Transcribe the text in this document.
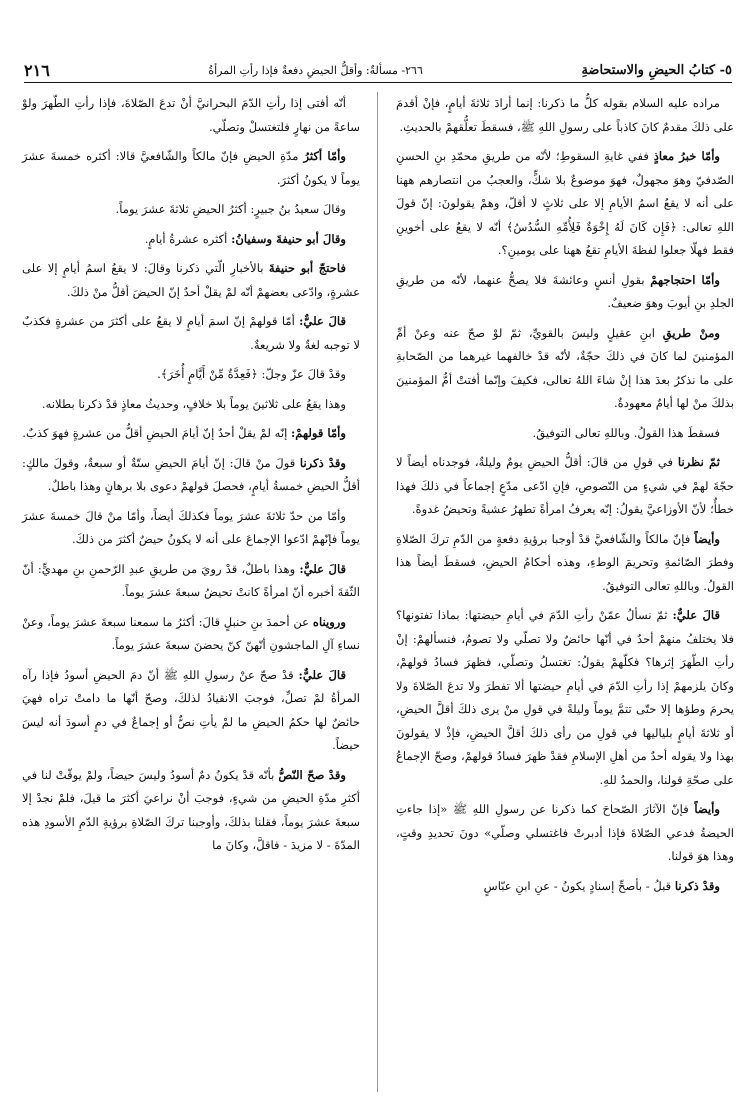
٥- كتابُ الحيضِ والاستحاضةِ
٢٦٦- مسألةٌ: وأقلُّ الحيضِ دفعةٌ فإذا رأتِ المرأةُ
٢١٦

مراده عليه السلام بقوله كلُّ ما ذكرنا: إنما أرادَ ثلاثةَ أيامٍ، فإنْ أقدمَ على ذلكَ مقدمٌ كانَ كاذباً على رسولِ اللهِ ﷺ، فسقطَ تعلُّقهمْ بالحديثِ.

وأمّا خبرُ معاذٍ ففي غايةِ السقوطِ؛ لأنّه من طريقِ محمّدِ بنِ الحسنِ الصّدفيّ وهوَ مجهولٌ، فهوَ موضوعٌ بلا شكٍّ، والعجبُ من انتصارهم ههنا على أنه لا يقعُ اسمُ الأيامِ إلا على ثلاثٍ لا أقلّ، وهمْ يقولونَ: إنّ قولَ اللهِ تعالى: ﴿فَإِن كَانَ لَهُ إِخْوَةٌ فَلِأُمِّهِ السُّدُسُ﴾ أنّه لا يقعُ على أخوينِ فقط فهلّا جعلوا لفظةَ الأيامِ تقعُ ههنا على يومينِ؟.

وأمّا احتجاجهمْ بقولِ أنسٍ وعائشةَ فلا يصحُّ عنهما، لأنّه من طريقِ الجلدِ بنِ أيوبَ وهوَ ضعيفٌ.

ومنْ طريقِ ابنِ عقيلٍ وليسَ بالقويِّ، ثمّ لوْ صحّ عنه وعنْ أمِّ المؤمنينَ لما كانَ في ذلكَ حجّةٌ، لأنّه قدْ خالفهما غيرهما من الصّحابةِ على ما نذكرُ بعدَ هذا إنْ شاءَ اللهُ تعالى، فكيفَ وإنّما أفتتْ أمُّ المؤمنينَ بذلكَ منْ لها أيامٌ معهودةٌ.

فسقطَ هذا القولُ. وباللهِ تعالى التوفيقُ.

ثمّ نظرنا في قولِ من قالَ: أقلُّ الحيضِ يومٌ وليلةٌ، فوجدناه أيضاً لا حجّةَ لهمْ في شيءٍ من النّصوصِ، فإنِ ادّعى مدّعٍ إجماعاً في ذلكَ فهذا خطأٌ؛ لأنّ الأوزاعيَّ يقولُ: إنّه يعرفُ امرأةً تطهرُ عشيةً وتحيضُ غدوةً.

وأيضاً فإنّ مالكاً والشّافعيَّ قدْ أوجبا برؤيةِ دفعةٍ من الدّمِ تركَ الصّلاةِ وفطرَ الصّائمةِ وتحريمَ الوطءِ، وهذه أحكامُ الحيضِ، فسقطَ أيضاً هذا القولُ. وباللهِ تعالى التوفيقُ.

قالَ عليٌّ: ثمّ نسألُ عمّنْ رأتِ الدّمَ في أيامِ حيضتها: بماذا تفتونها؟ فلا يختلفُ منهمْ أحدٌ في أنّها حائضٌ ولا تصلّي ولا تصومُ، فنسألهمْ: إنْ رأتِ الطّهرَ إثرها؟ فكلّهمْ يقولُ: تغتسلُ وتصلّي، فظهرَ فسادُ قولهمْ، وكانَ يلزمهمْ إذا رأتِ الدّمَ في أيامِ حيضتها ألا تفطرَ ولا تدعَ الصّلاةَ ولا يحرمَ وطؤها إلا حتّى تتمَّ يوماً وليلةً في قولِ منْ يرى ذلكَ أقلَّ الحيضِ، أو ثلاثةَ أيامٍ بلياليها في قولِ من رأى ذلكَ أقلَّ الحيضِ، فإذْ لا يقولونَ بهذا ولا يقوله أحدٌ من أهلِ الإسلامِ فقدْ ظهرَ فسادُ قولهمْ، وصحّ الإجماعُ على صحّةِ قولنا، والحمدُ للهِ.

وأيضاً فإنّ الآثارَ الصّحاحَ كما ذكرنا عن رسولِ اللهِ ﷺ «إذا جاءتِ الحيضةُ فدعي الصّلاةَ فإذا أدبرتْ فاغتسلي وصلّي» دونَ تحديدِ وقتٍ، وهذا هوَ قولنا.

وقدْ ذكرنا قبلُ - بأصحِّ إسنادٍ يكونُ - عنِ ابنِ عبّاسٍ

أنّه أفتى إذا رأتِ الدّمَ البحرانيَّ أنْ تدعَ الصّلاةَ، فإذا رأتِ الطّهرَ ولوْ ساعةً من نهارٍ فلتغتسلْ وتصلّي.

وأمّا أكثرُ مدّةِ الحيضِ فإنّ مالكاً والشّافعيَّ قالا: أكثره خمسةَ عشرَ يوماً لا يكونُ أكثرَ.

وقالَ سعيدُ بنُ جبيرٍ: أكثرُ الحيضِ ثلاثةَ عشرَ يوماً.

وقالَ أبو حنيفةَ وسفيانُ: أكثره عشرةُ أيامٍ.

فاحتجّ أبو حنيفةَ بالأخبارِ الّتي ذكرنا وقالَ: لا يقعُ اسمُ أيامٍ إلا على عشرةٍ، وادّعى بعضهمْ أنّه لمْ يقلْ أحدٌ إنّ الحيضَ أقلُّ منْ ذلكَ.

قالَ عليٌّ: أمّا قولهمْ إنّ اسمَ أيامٍ لا يقعُ على أكثرَ من عشرةٍ فكذبٌ لا توجبه لغةٌ ولا شريعةٌ.

وقدْ قالَ عزّ وجلّ: ﴿فَعِدَّةٌ مِّنْ أَيَّامٍ أُخَرَ﴾.

وهذا يقعُ على ثلاثينَ يوماً بلا خلافٍ، وحديثُ معاذٍ قدْ ذكرنا بطلانه.

وأمّا قولهمْ: إنّه لمْ يقلْ أحدٌ إنّ أيامَ الحيضِ أقلُّ من عشرةٍ فهوَ كذبٌ.

وقدْ ذكرنا قولَ منْ قالَ: إنّ أيامَ الحيضِ ستّةٌ أو سبعةٌ، وقولَ مالكٍ: أقلُّ الحيضِ خمسةُ أيامٍ، فحصلَ قولهمْ دعوى بلا برهانٍ وهذا باطلٌ.

وأمّا من حدّ ثلاثةَ عشرَ يوماً فكذلكَ أيضاً، وأمّا منْ قالَ خمسةَ عشرَ يوماً فإنّهمْ ادّعوا الإجماعَ على أنه لا يكونُ حيضٌ أكثرَ من ذلكَ.

قالَ عليٌّ: وهذا باطلٌ، قدْ رويَ من طريقِ عبدِ الرّحمنِ بنِ مهديٍّ: أنّ الثّقةَ أخبره أنّ امرأةً كانتْ تحيضُ سبعةَ عشرَ يوماً.

ورويناه عن أحمدَ بنِ حنبلٍ قالَ: أكثرُ ما سمعنا سبعةَ عشرَ يوماً، وعنْ نساءِ آلِ الماجشونِ أنّهنّ كنّ يحضنَ سبعةَ عشرَ يوماً.

قالَ عليٌّ: قدْ صحّ عنْ رسولِ اللهِ ﷺ أنّ دمَ الحيضِ أسودُ فإذا رآه المرأةُ لمْ تصلِّ، فوجبَ الانقيادُ لذلكَ، وصحّ أنّها ما دامتْ تراه فهيَ حائضٌ لها حكمُ الحيضِ ما لمْ يأتِ نصٌّ أو إجماعٌ في دمٍ أسودَ أنه ليسَ حيضاً.

وقدْ صحّ النّصُّ بأنّه قدْ يكونُ دمٌ أسودُ وليسَ حيضاً، ولمْ يوقّتْ لنا في أكثرِ مدّةِ الحيضِ من شيءٍ، فوجبَ أنْ نراعيَ أكثرَ ما قيلَ، فلمْ نجدْ إلا سبعةَ عشرَ يوماً، فقلنا بذلكَ، وأوجبنا تركَ الصّلاةِ برؤيةِ الدّمِ الأسودِ هذه المدّةَ - لا مزيدَ - فاقلَّ، وكانَ ما
